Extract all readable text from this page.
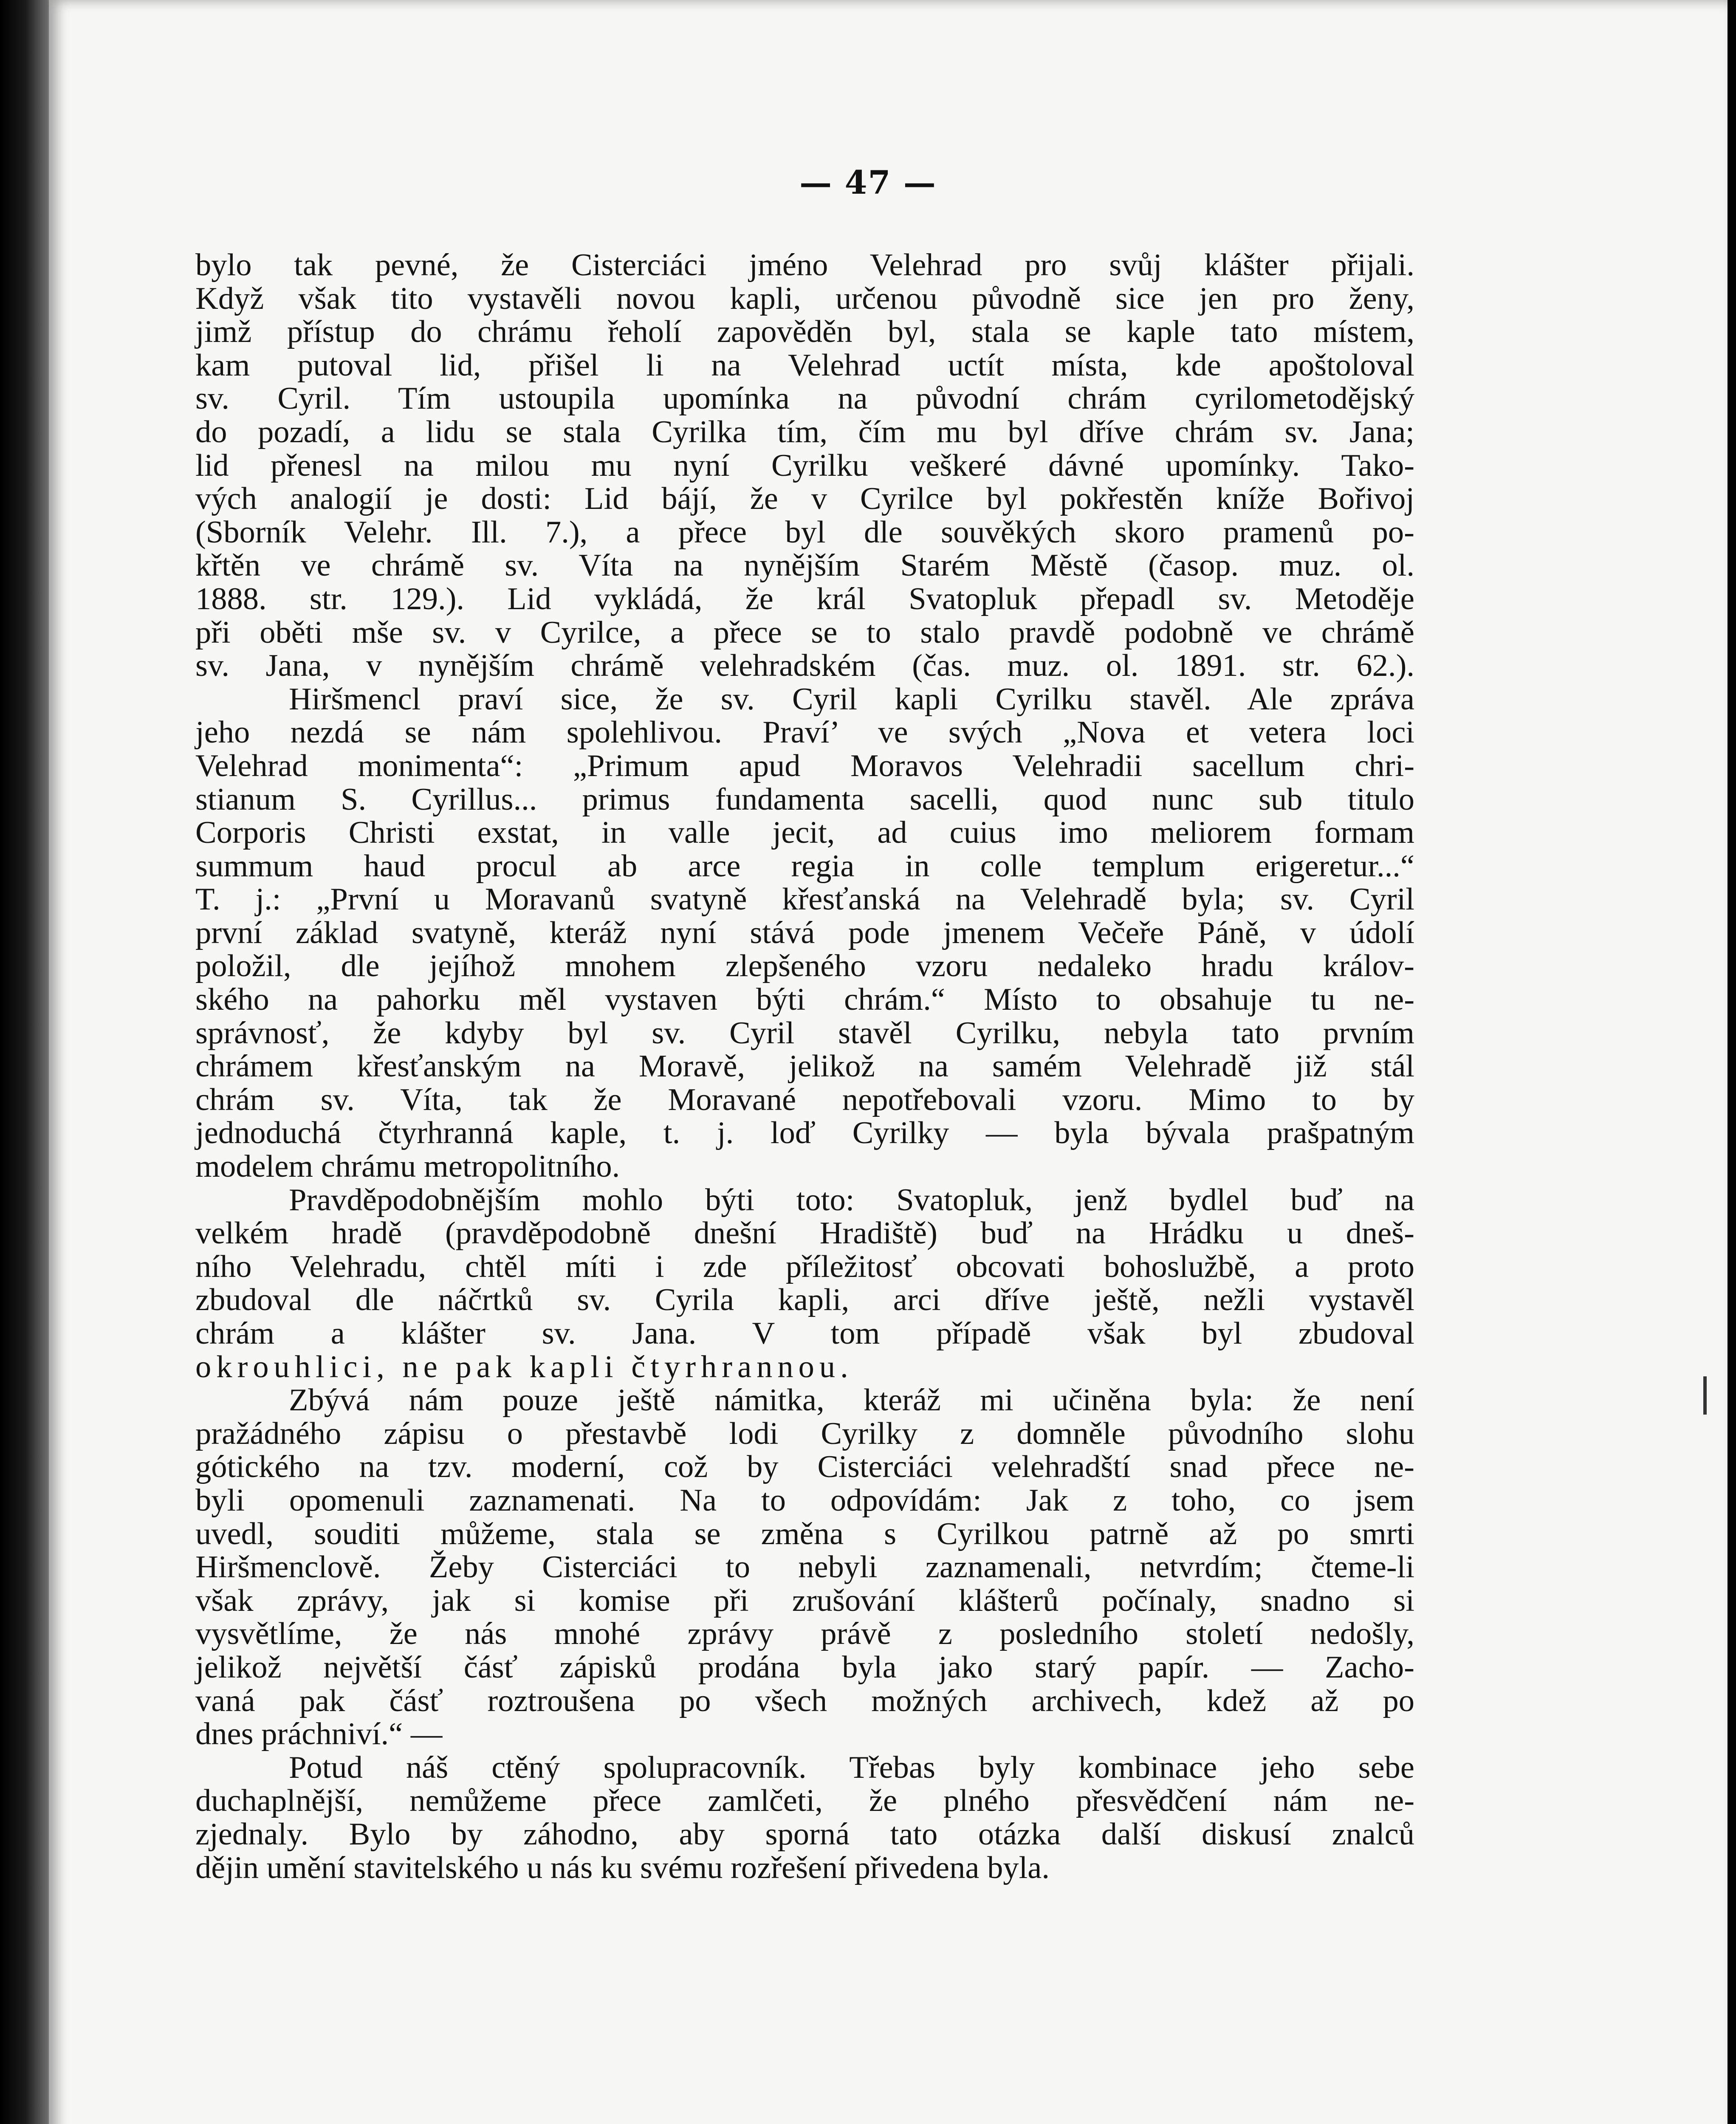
— 47 —
bylo tak pevné, že Cisterciáci jméno Velehrad pro svůj klášter přijali.
Když však tito vystavěli novou kapli, určenou původně sice jen pro ženy,
jimž přístup do chrámu řeholí zapověděn byl, stala se kaple tato místem,
kam putoval lid, přišel li na Velehrad uctít místa, kde apoštoloval
sv. Cyril. Tím ustoupila upomínka na původní chrám cyrilometodějský
do pozadí, a lidu se stala Cyrilka tím, čím mu byl dříve chrám sv. Jana;
lid přenesl na milou mu nyní Cyrilku veškeré dávné upomínky. Tako-
vých analogií je dosti: Lid bájí, že v Cyrilce byl pokřestěn kníže Bořivoj
(Sborník Velehr. Ill. 7.), a přece byl dle souvěkých skoro pramenů po-
křtěn ve chrámě sv. Víta na nynějším Starém Městě (časop. muz. ol.
1888. str. 129.). Lid vykládá, že král Svatopluk přepadl sv. Metoděje
při oběti mše sv. v Cyrilce, a přece se to stalo pravdě podobně ve chrámě
sv. Jana, v nynějším chrámě velehradském (čas. muz. ol. 1891. str. 62.).
Hiršmencl praví sice, že sv. Cyril kapli Cyrilku stavěl. Ale zpráva
jeho nezdá se nám spolehlivou. Praví’ ve svých „Nova et vetera loci
Velehrad monimenta“: „Primum apud Moravos Velehradii sacellum chri-
stianum S. Cyrillus... primus fundamenta sacelli, quod nunc sub titulo
Corporis Christi exstat, in valle jecit, ad cuius imo meliorem formam
summum haud procul ab arce regia in colle templum erigeretur...“
T. j.: „První u Moravanů svatyně křesťanská na Velehradě byla; sv. Cyril
první základ svatyně, kteráž nyní stává pode jmenem Večeře Páně, v údolí
položil, dle jejíhož mnohem zlepšeného vzoru nedaleko hradu králov-
ského na pahorku měl vystaven býti chrám.“ Místo to obsahuje tu ne-
správnosť, že kdyby byl sv. Cyril stavěl Cyrilku, nebyla tato prvním
chrámem křesťanským na Moravě, jelikož na samém Velehradě již stál
chrám sv. Víta, tak že Moravané nepotřebovali vzoru. Mimo to by
jednoduchá čtyrhranná kaple, t. j. loď Cyrilky — byla bývala prašpatným
modelem chrámu metropolitního.
Pravděpodobnějším mohlo býti toto: Svatopluk, jenž bydlel buď na
velkém hradě (pravděpodobně dnešní Hradiště) buď na Hrádku u dneš-
ního Velehradu, chtěl míti i zde příležitosť obcovati bohoslužbě, a proto
zbudoval dle náčrtků sv. Cyrila kapli, arci dříve ještě, nežli vystavěl
chrám a klášter sv. Jana. V tom případě však byl zbudoval
okrouhlici, ne pak kapli čtyrhrannou.
Zbývá nám pouze ještě námitka, kteráž mi učiněna byla: že není
pražádného zápisu o přestavbě lodi Cyrilky z domněle původního slohu
gótického na tzv. moderní, což by Cisterciáci velehradští snad přece ne-
byli opomenuli zaznamenati. Na to odpovídám: Jak z toho, co jsem
uvedl, souditi můžeme, stala se změna s Cyrilkou patrně až po smrti
Hiršmenclově. Žeby Cisterciáci to nebyli zaznamenali, netvrdím; čteme-li
však zprávy, jak si komise při zrušování klášterů počínaly, snadno si
vysvětlíme, že nás mnohé zprávy právě z posledního století nedošly,
jelikož největší čásť zápisků prodána byla jako starý papír. — Zacho-
vaná pak čásť roztroušena po všech možných archivech, kdež až po
dnes práchniví.“ —
Potud náš ctěný spolupracovník. Třebas byly kombinace jeho sebe
duchaplnější, nemůžeme přece zamlčeti, že plného přesvědčení nám ne-
zjednaly. Bylo by záhodno, aby sporná tato otázka další diskusí znalců
dějin umění stavitelského u nás ku svému rozřešení přivedena byla.
